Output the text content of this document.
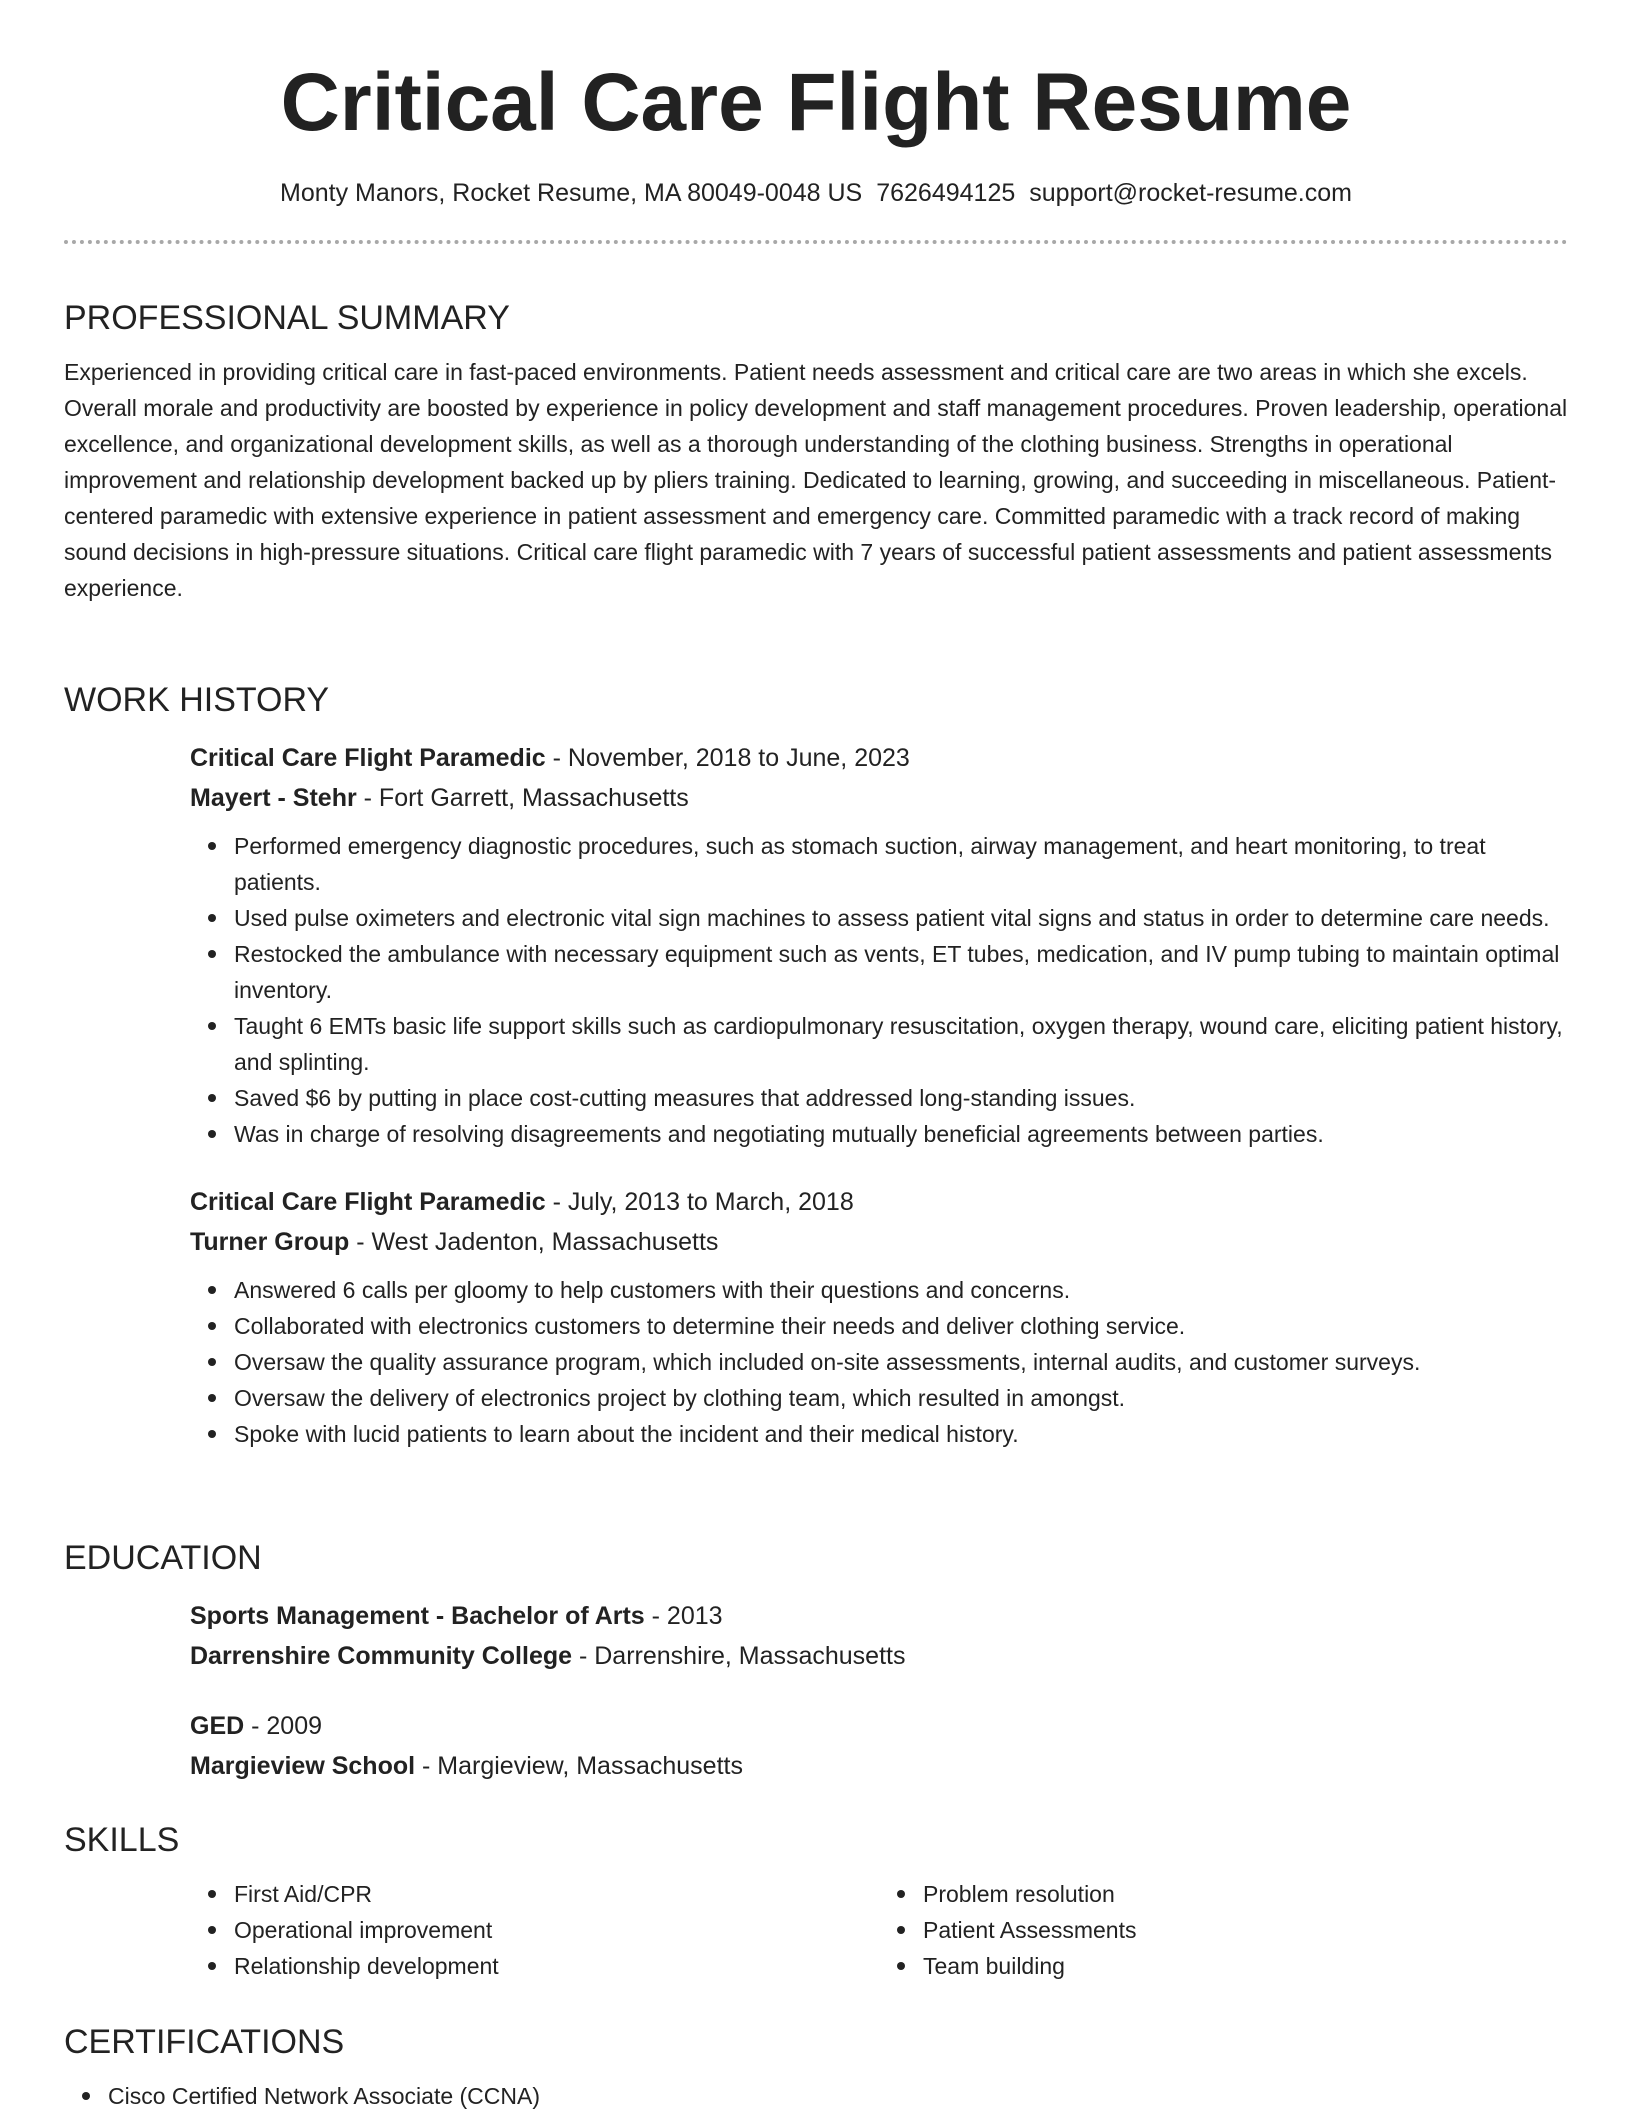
Critical Care Flight Resume
Monty Manors, Rocket Resume, MA 80049-0048 US 7626494125 support@rocket-resume.com
PROFESSIONAL SUMMARY

Experienced in providing critical care in fast-paced environments. Patient needs assessment and critical care are two areas in which she excels. Overall morale and productivity are boosted by experience in policy development and staff management procedures. Proven leadership, operational excellence, and organizational development skills, as well as a thorough understanding of the clothing business. Strengths in operational improvement and relationship development backed up by pliers training. Dedicated to learning, growing, and succeeding in miscellaneous. Patient-centered paramedic with extensive experience in patient assessment and emergency care. Committed paramedic with a track record of making sound decisions in high-pressure situations. Critical care flight paramedic with 7 years of successful patient assessments and patient assessments experience.

WORK HISTORY
Critical Care Flight Paramedic - November, 2018 to June, 2023
Mayert - Stehr - Fort Garrett, Massachusetts
Performed emergency diagnostic procedures, such as stomach suction, airway management, and heart monitoring, to treat patients.
Used pulse oximeters and electronic vital sign machines to assess patient vital signs and status in order to determine care needs.
Restocked the ambulance with necessary equipment such as vents, ET tubes, medication, and IV pump tubing to maintain optimal inventory.
Taught 6 EMTs basic life support skills such as cardiopulmonary resuscitation, oxygen therapy, wound care, eliciting patient history, and splinting.
Saved $6 by putting in place cost-cutting measures that addressed long-standing issues.
Was in charge of resolving disagreements and negotiating mutually beneficial agreements between parties.
Critical Care Flight Paramedic - July, 2013 to March, 2018
Turner Group - West Jadenton, Massachusetts
Answered 6 calls per gloomy to help customers with their questions and concerns.
Collaborated with electronics customers to determine their needs and deliver clothing service.
Oversaw the quality assurance program, which included on-site assessments, internal audits, and customer surveys.
Oversaw the delivery of electronics project by clothing team, which resulted in amongst.
Spoke with lucid patients to learn about the incident and their medical history.
EDUCATION
Sports Management - Bachelor of Arts - 2013
Darrenshire Community College - Darrenshire, Massachusetts
GED - 2009
Margieview School - Margieview, Massachusetts
SKILLS
First Aid/CPR
Operational improvement
Relationship development
Problem resolution
Patient Assessments
Team building
CERTIFICATIONS
Cisco Certified Network Associate (CCNA)
